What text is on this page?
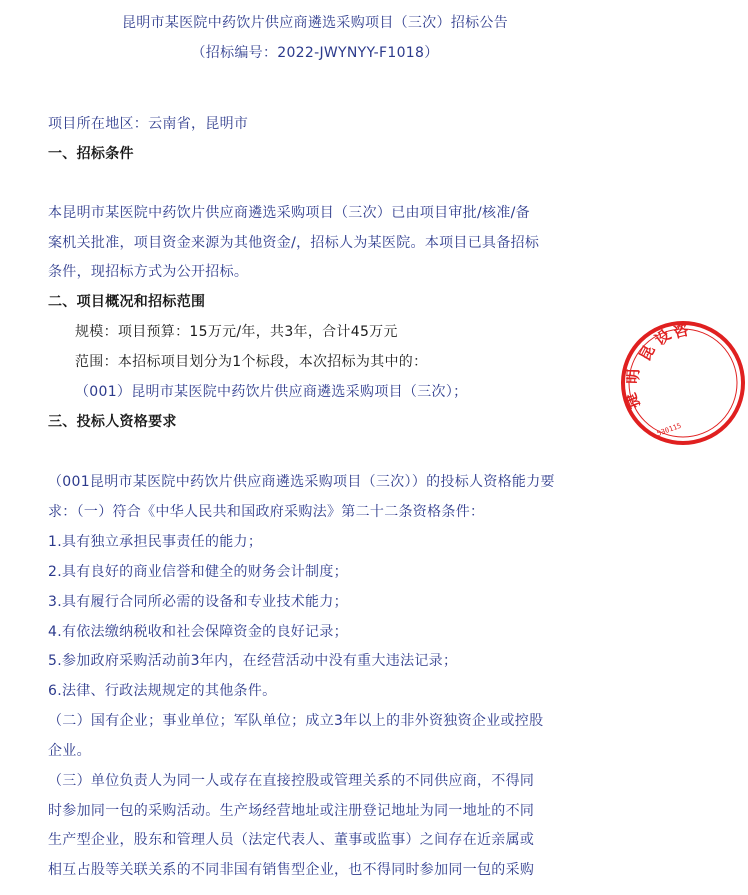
昆明市某医院中药饮片供应商遴选采购项目（三次）招标公告
（招标编号：2022-JWYNYY-F1018）
项目所在地区：云南省，昆明市
一、招标条件
本昆明市某医院中药饮片供应商遴选采购项目（三次）已由项目审批/核准/备
案机关批准，项目资金来源为其他资金/，招标人为某医院。本项目已具备招标
条件，现招标方式为公开招标。
二、项目概况和招标范围
规模：项目预算：15万元/年，共3年，合计45万元
范围：本招标项目划分为1个标段，本次招标为其中的：
（001）昆明市某医院中药饮片供应商遴选采购项目（三次）；
三、投标人资格要求
（001昆明市某医院中药饮片供应商遴选采购项目（三次））的投标人资格能力要
求：（一）符合《中华人民共和国政府采购法》第二十二条资格条件：
1.具有独立承担民事责任的能力；
2.具有良好的商业信誉和健全的财务会计制度；
3.具有履行合同所必需的设备和专业技术能力；
4.有依法缴纳税收和社会保障资金的良好记录；
5.参加政府采购活动前3年内，在经营活动中没有重大违法记录；
6.法律、行政法规规定的其他条件。
（二）国有企业；事业单位；军队单位；成立3年以上的非外资独资企业或控股
企业。
（三）单位负责人为同一人或存在直接控股或管理关系的不同供应商，不得同
时参加同一包的采购活动。生产场经营地址或注册登记地址为同一地址的不同
生产型企业，股东和管理人员（法定代表人、董事或监事）之间存在近亲属或
相互占股等关联关系的不同非国有销售型企业，也不得同时参加同一包的采购
昆
明
捷
设
咨
530115
